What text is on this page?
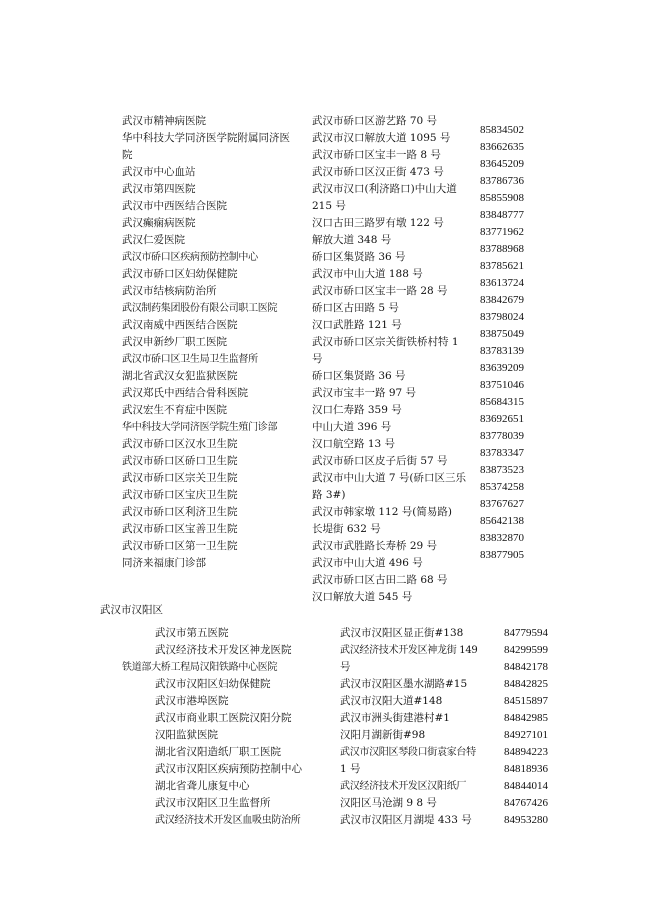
武汉市精神病医院
华中科技大学同济医学院附属同济医
院
武汉市中心血站
武汉市第四医院
武汉市中西医结合医院
武汉癫痫病医院
武汉仁爱医院
武汉市硚口区疾病预防控制中心
武汉市硚口区妇幼保健院
武汉市结核病防治所
武汉制药集团股份有限公司职工医院
武汉南威中西医结合医院
武汉申新纱厂职工医院
武汉市硚口区卫生局卫生监督所
湖北省武汉女犯监狱医院
武汉郑氏中西结合骨科医院
武汉宏生不育症中医院
华中科技大学同济医学院生殖门诊部
武汉市硚口区汉水卫生院
武汉市硚口区硚口卫生院
武汉市硚口区宗关卫生院
武汉市硚口区宝庆卫生院
武汉市硚口区利济卫生院
武汉市硚口区宝善卫生院
武汉市硚口区第一卫生院
同济来福康门诊部
武汉市硚口区游艺路 70 号
武汉市汉口解放大道 1095 号
武汉市硚口区宝丰一路 8 号
武汉市硚口区汉正街 473 号
武汉市汉口(利济路口)中山大道
215 号
汉口古田三路罗有墩 122 号
解放大道 348 号
硚口区集贤路 36 号
武汉市中山大道 188 号
武汉市硚口区宝丰一路 28 号
硚口区古田路 5 号
汉口武胜路 121 号
武汉市硚口区宗关街铁桥村特 1
号
硚口区集贤路 36 号
武汉市宝丰一路 97 号
汉口仁寿路 359 号
中山大道 396 号
汉口航空路 13 号
武汉市硚口区皮子后街 57 号
武汉市中山大道 7 号(硚口区三乐
路 3#)
武汉市韩家墩 112 号(简易路)
长堤街 632 号
武汉市武胜路长寿桥 29 号
武汉市中山大道 496 号
武汉市硚口区古田二路 68 号
汉口解放大道 545 号
85834502
83662635
83645209
83786736
85855908
83848777
83771962
83788968
83785621
83613724
83842679
83798024
83875049
83783139
83639209
83751046
85684315
83692651
83778039
83783347
83873523
85374258
83767627
85642138
83832870
83877905
武汉市汉阳区
武汉市第五医院
武汉经济技术开发区神龙医院
铁道部大桥工程局汉阳铁路中心医院
武汉市汉阳区妇幼保健院
武汉市港埠医院
武汉市商业职工医院汉阳分院
汉阳监狱医院
湖北省汉阳造纸厂职工医院
武汉市汉阳区疾病预防控制中心
湖北省聋儿康复中心
武汉市汉阳区卫生监督所
武汉经济技术开发区血吸虫防治所
武汉市汉阳区显正街#138
武汉经济技术开发区神龙街 149
号
武汉市汉阳区墨水湖路#15
武汉市汉阳大道#148
武汉市洲头街建港村#1
汉阳月湖新街#98
武汉市汉阳区琴段口街袁家台特
1 号
武汉经济技术开发区汉阳纸厂
汉阳区马沧湖 9 8 号
武汉市汉阳区月湖堤 433 号
84779594
84299599
84842178
84842825
84515897
84842985
84927101
84894223
84818936
84844014
84767426
84953280
